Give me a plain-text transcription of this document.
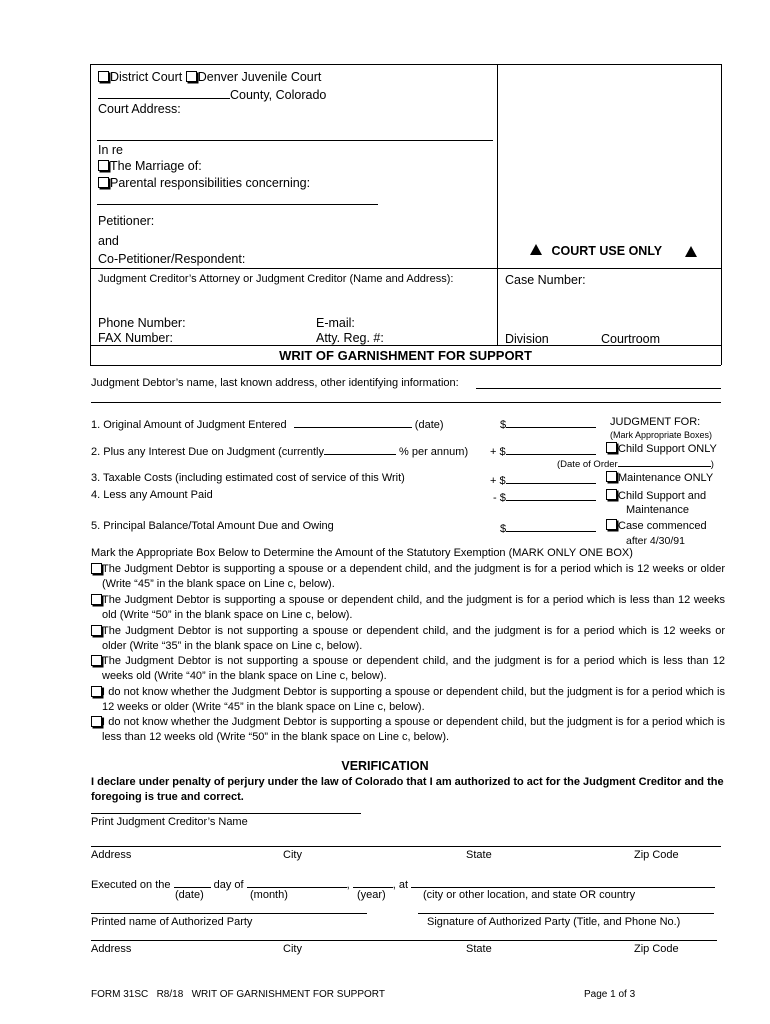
District Court Denver Juvenile Court
County, Colorado
Court Address:
In re
The Marriage of:
Parental responsibilities concerning:
Petitioner:
and
Co-Petitioner/Respondent:
COURT USE ONLY
Judgment Creditor’s Attorney or Judgment Creditor (Name and Address):	Case Number:
Phone Number:
FAX Number:
E-mail:
Atty. Reg. #:	Division	Courtroom
WRIT OF GARNISHMENT FOR SUPPORT
Judgment Debtor’s name, last known address, other identifying information:
1. Original Amount of Judgment Entered	(date)	$
2. Plus any Interest Due on Judgment (currently	% per annum) + $
3. Taxable Costs (including estimated cost of service of this Writ)	+ $
4. Less any Amount Paid	- $
5. Principal Balance/Total Amount Due and Owing	$
JUDGMENT FOR:
(Mark Appropriate Boxes)
Child Support ONLY
(Date of Order	)
Maintenance ONLY
Child Support and
Maintenance
Case commenced
after 4/30/91
Mark the Appropriate Box Below to Determine the Amount of the Statutory Exemption (MARK ONLY ONE BOX)
The Judgment Debtor is supporting a spouse or a dependent child, and the judgment is for a period which is 12 weeks or older (Write “45” in the blank space on Line c, below).
The Judgment Debtor is supporting a spouse or dependent child, and the judgment is for a period which is less than 12 weeks old (Write “50” in the blank space on Line c, below).
The Judgment Debtor is not supporting a spouse or dependent child, and the judgment is for a period which is 12 weeks or older (Write “35” in the blank space on Line c, below).
The Judgment Debtor is not supporting a spouse or dependent child, and the judgment is for a period which is less than 12 weeks old (Write “40” in the blank space on Line c, below).
I do not know whether the Judgment Debtor is supporting a spouse or dependent child, but the judgment is for a period which is 12 weeks or older (Write “45” in the blank space on Line c, below).
I do not know whether the Judgment Debtor is supporting a spouse or dependent child, but the judgment is for a period which is less than 12 weeks old (Write “50” in the blank space on Line c, below).
VERIFICATION
I declare under penalty of perjury under the law of Colorado that I am authorized to act for the Judgment Creditor and the foregoing is true and correct.
Print Judgment Creditor’s Name
Address	City	State	Zip Code
Executed on the	day of	,	, at
(date)	(month)	(year)	(city or other location, and state OR country
Printed name of Authorized Party	Signature of Authorized Party (Title, and Phone No.)
Address	City	State	Zip Code
FORM 31SC   R8/18   WRIT OF GARNISHMENT FOR SUPPORT	Page 1 of 3
